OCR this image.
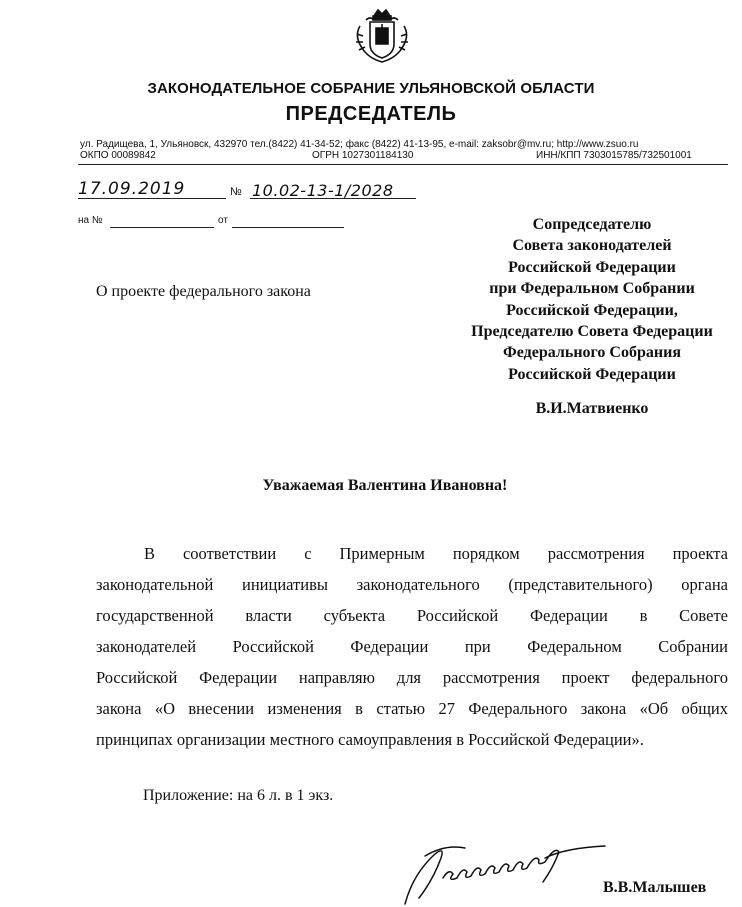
ЗАКОНОДАТЕЛЬНОЕ СОБРАНИЕ УЛЬЯНОВСКОЙ ОБЛАСТИ
ПРЕДСЕДАТЕЛЬ
ул. Радищева, 1, Ульяновск, 432970 тел.(8422) 41-34-52; факс (8422) 41-13-95, e-mail: zaksobr@mv.ru; http://www.zsuo.ru
ОКПО 00089842	ОГРН 1027301184130	ИНН/КПП 7303015785/732501001
17.09.2019	№ 10.02-13-1/2028
на №	от	Сопредседателю
Совета законодателей
Российской Федерации
при Федеральном Собрании
Российской Федерации,
Председателю Совета Федерации
Федерального Собрания
Российской Федерации
В.И.Матвиенко
О проекте федерального закона
Уважаемая Валентина Ивановна!
В соответствии с Примерным порядком рассмотрения проекта
законодательной инициативы законодательного (представительного) органа
государственной власти субъекта Российской Федерации в Совете
законодателей Российской Федерации при Федеральном Собрании
Российской Федерации направляю для рассмотрения проект федерального
закона «О внесении изменения в статью 27 Федерального закона «Об общих
принципах организации местного самоуправления в Российской Федерации».
Приложение: на 6 л. в 1 экз.
В.В.Малышев
